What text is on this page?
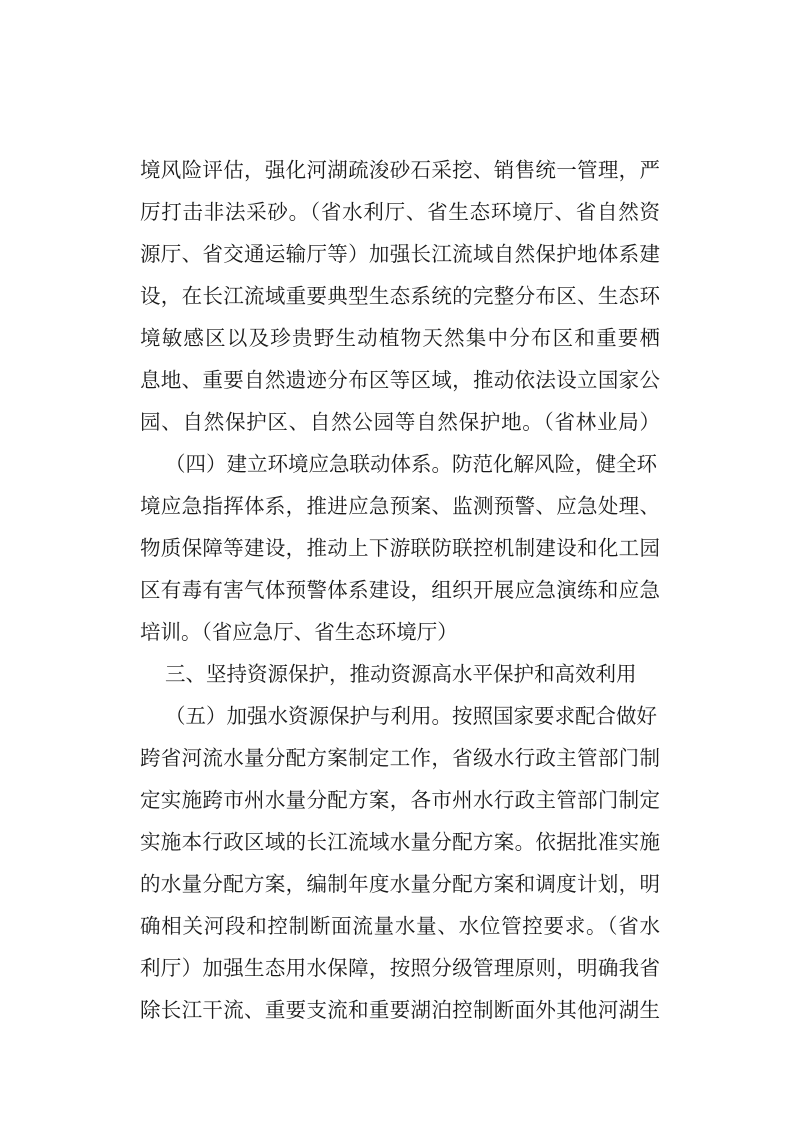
境风险评估，强化河湖疏浚砂石采挖、销售统一管理，严
厉打击非法采砂。（省水利厅、省生态环境厅、省自然资
源厅、省交通运输厅等）加强长江流域自然保护地体系建
设，在长江流域重要典型生态系统的完整分布区、生态环
境敏感区以及珍贵野生动植物天然集中分布区和重要栖
息地、重要自然遗迹分布区等区域，推动依法设立国家公
园、自然保护区、自然公园等自然保护地。（省林业局）
（四）建立环境应急联动体系。防范化解风险，健全环
境应急指挥体系，推进应急预案、监测预警、应急处理、
物质保障等建设，推动上下游联防联控机制建设和化工园
区有毒有害气体预警体系建设，组织开展应急演练和应急
培训。（省应急厅、省生态环境厅）
三、坚持资源保护，推动资源高水平保护和高效利用
（五）加强水资源保护与利用。按照国家要求配合做好
跨省河流水量分配方案制定工作，省级水行政主管部门制
定实施跨市州水量分配方案，各市州水行政主管部门制定
实施本行政区域的长江流域水量分配方案。依据批准实施
的水量分配方案，编制年度水量分配方案和调度计划，明
确相关河段和控制断面流量水量、水位管控要求。（省水
利厅）加强生态用水保障，按照分级管理原则，明确我省
除长江干流、重要支流和重要湖泊控制断面外其他河湖生
